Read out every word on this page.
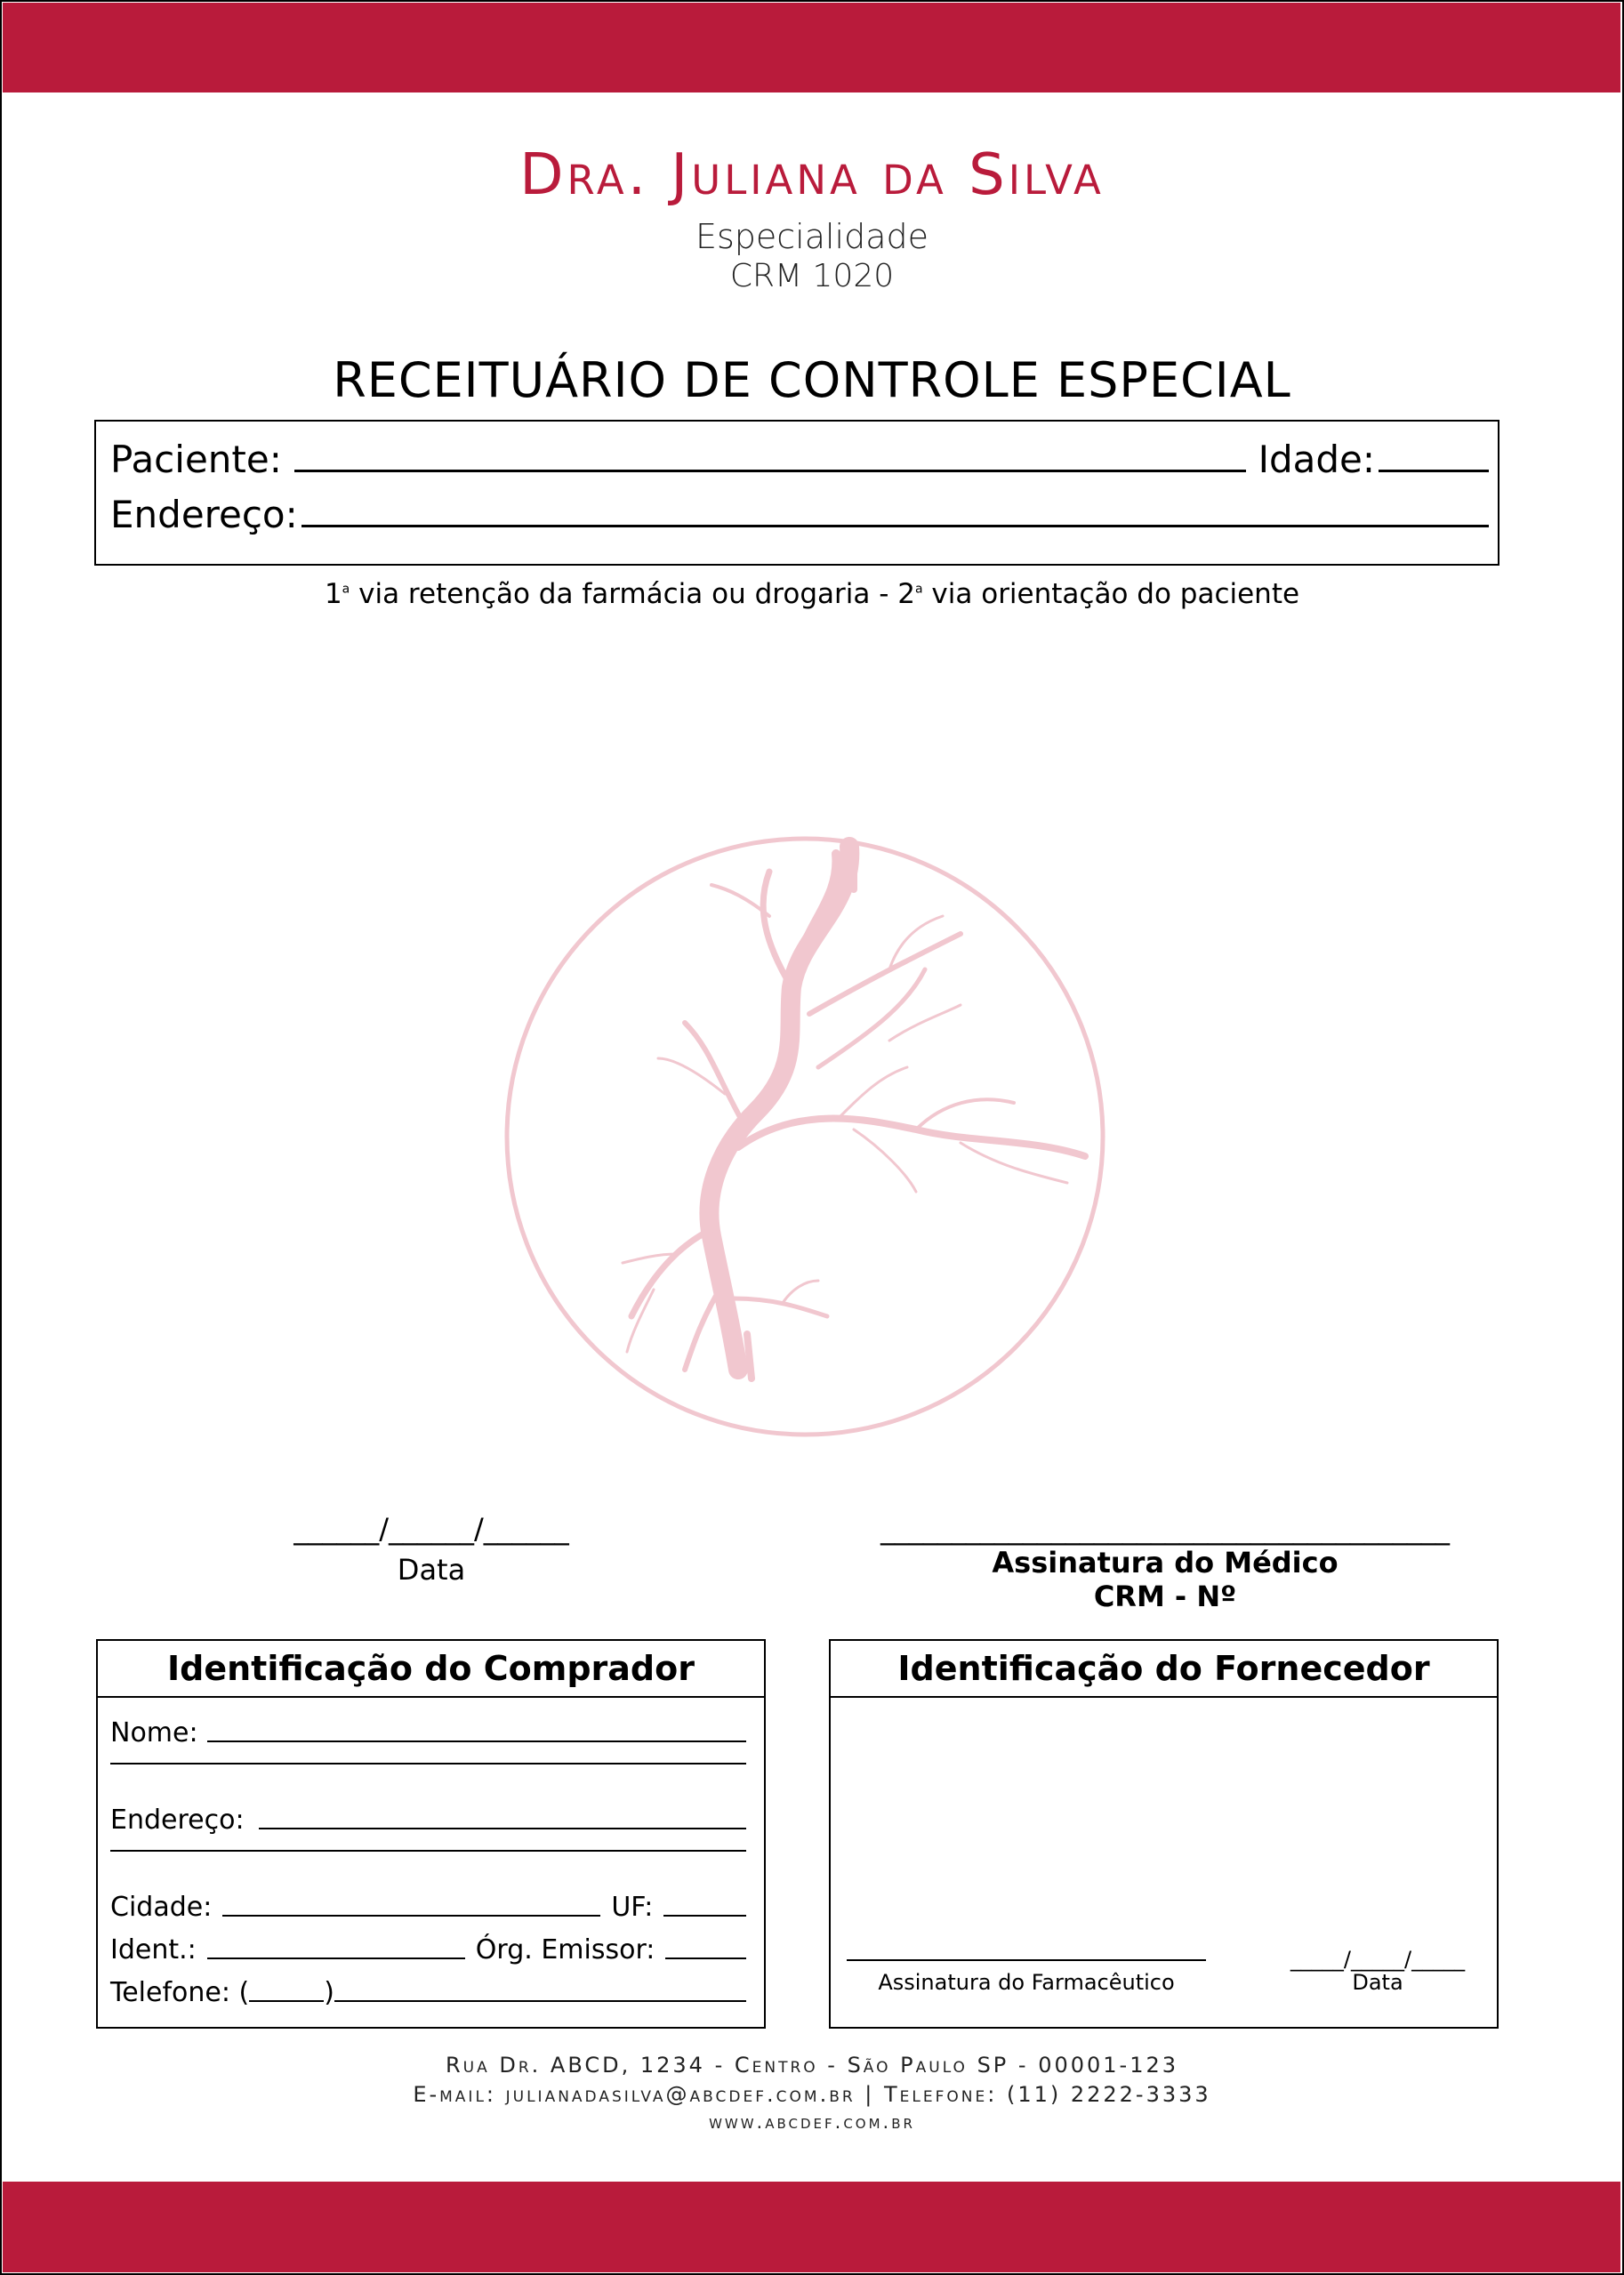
Dra. Juliana da Silva
Especialidade
CRM 1020
RECEITUÁRIO DE CONTROLE ESPECIAL
Paciente:	Idade:
Endereço:
1$^a$ via retenção da farmácia ou drogaria - 2$^a$ via orientação do paciente
______/______/______
Data
________________________________________
Assinatura do Médico
CRM - Nº
Identificação do Comprador
Nome:
Endereço:
Cidade:	UF:
Ident.:	Órg. Emissor:
Telefone: (	)
Identificação do Fornecedor
Assinatura do Farmacêutico
_____/_____/_____
Data
Rua Dr. ABCD, 1234 - Centro - São Paulo SP - 00001-123
E-mail: julianadasilva@abcdef.com.br | Telefone: (11) 2222-3333
www.abcdef.com.br
